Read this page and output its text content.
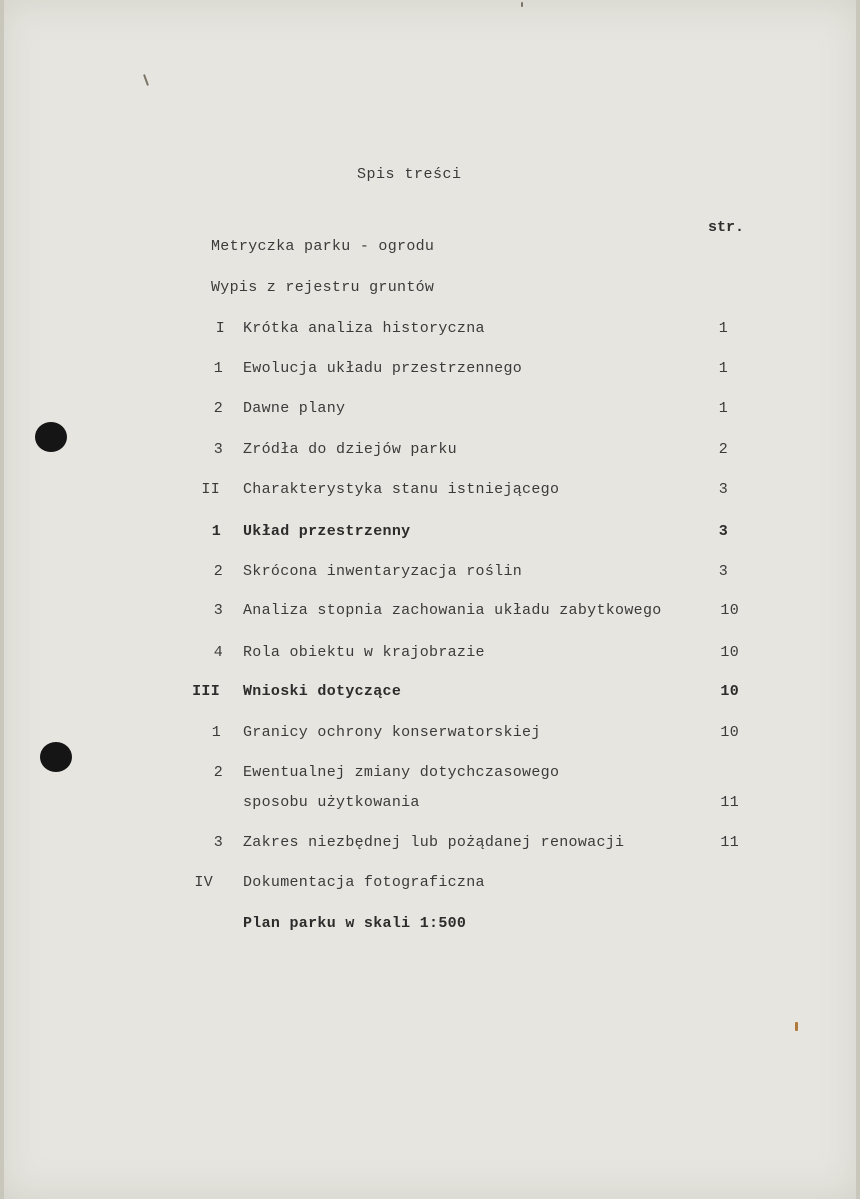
Spis treści
str.
Metryczka parku - ogrodu
Wypis z rejestru gruntów
I Krótka analiza historyczna	1
1 Ewolucja układu przestrzennego	1
2 Dawne plany	1
3 Zródła do dziejów parku	2
II Charakterystyka stanu istniejącego	3
1 Układ przestrzenny	3
2 Skrócona inwentaryzacja roślin	3
3 Analiza stopnia zachowania układu zabytkowego	10
4 Rola obiektu w krajobrazie	10
III Wnioski dotyczące	10
1 Granicy ochrony konserwatorskiej	10
2 Ewentualnej zmiany dotychczasowego
sposobu użytkowania	11
3 Zakres niezbędnej lub pożądanej renowacji	11
IV Dokumentacja fotograficzna
Plan parku w skali 1:500
